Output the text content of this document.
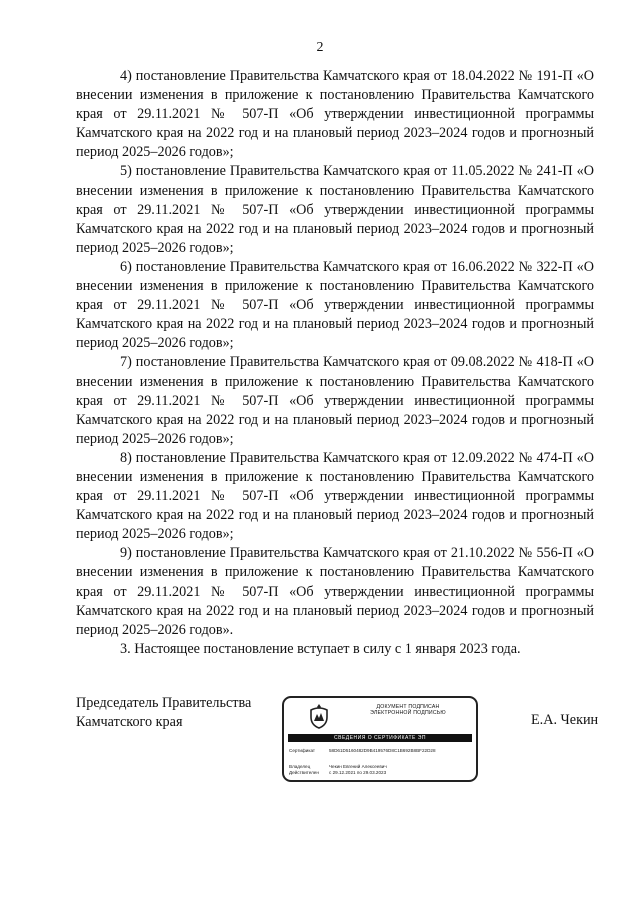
2

4) постановление Правительства Камчатского края от 18.04.2022 № 191-П «О внесении изменения в приложение к постановлению Правительства Камчатского края от 29.11.2021 № 507-П «Об утверждении инвестиционной программы Камчатского края на 2022 год и на плановый период 2023–2024 годов и прогнозный период 2025–2026 годов»;

5) постановление Правительства Камчатского края от 11.05.2022 № 241-П «О внесении изменения в приложение к постановлению Правительства Камчатского края от 29.11.2021 № 507-П «Об утверждении инвестиционной программы Камчатского края на 2022 год и на плановый период 2023–2024 годов и прогнозный период 2025–2026 годов»;

6) постановление Правительства Камчатского края от 16.06.2022 № 322-П «О внесении изменения в приложение к постановлению Правительства Камчатского края от 29.11.2021 № 507-П «Об утверждении инвестиционной программы Камчатского края на 2022 год и на плановый период 2023–2024 годов и прогнозный период 2025–2026 годов»;

7) постановление Правительства Камчатского края от 09.08.2022 № 418-П «О внесении изменения в приложение к постановлению Правительства Камчатского края от 29.11.2021 № 507-П «Об утверждении инвестиционной программы Камчатского края на 2022 год и на плановый период 2023–2024 годов и прогнозный период 2025–2026 годов»;

8) постановление Правительства Камчатского края от 12.09.2022 № 474-П «О внесении изменения в приложение к постановлению Правительства Камчатского края от 29.11.2021 № 507-П «Об утверждении инвестиционной программы Камчатского края на 2022 год и на плановый период 2023–2024 годов и прогнозный период 2025–2026 годов»;

9) постановление Правительства Камчатского края от 21.10.2022 № 556-П «О внесении изменения в приложение к постановлению Правительства Камчатского края от 29.11.2021 № 507-П «Об утверждении инвестиционной программы Камчатского края на 2022 год и на плановый период 2023–2024 годов и прогнозный период 2025–2026 годов».

3. Настоящее постановление вступает в силу с 1 января 2023 года.

Председатель Правительства
Камчатского края
ДОКУМЕНТ ПОДПИСАН
ЭЛЕКТРОННОЙ ПОДПИСЬЮ
СВЕДЕНИЯ О СЕРТИФИКАТЕ ЭП
Сертификат	58D61D5160482D9B419576D8C1B692B8BF22D28
Владелец	Чекин Евгений Алексеевич
Действителен с 29.12.2021 по 29.03.2023
Е.А. Чекин
